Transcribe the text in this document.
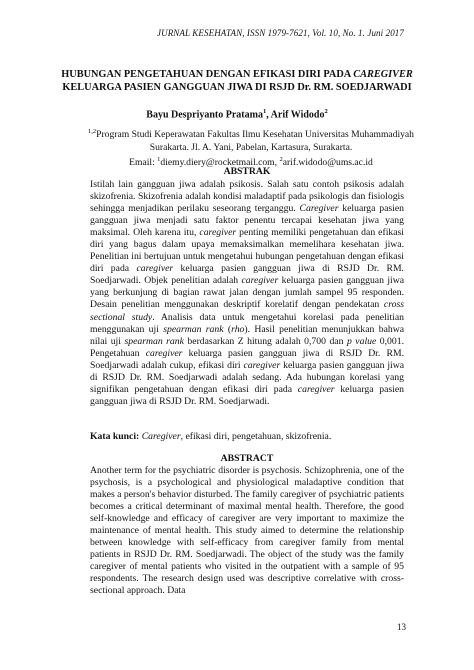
JURNAL KESEHATAN, ISSN 1979-7621, Vol. 10, No. 1. Juni 2017
HUBUNGAN PENGETAHUAN DENGAN EFIKASI DIRI PADA CAREGIVER
KELUARGA PASIEN GANGGUAN JIWA DI RSJD Dr. RM. SOEDJARWADI
Bayu Despriyanto Pratama$^1$, Arif Widodo$^2$
$^{1,2}$Program Studi Keperawatan Fakultas Ilmu Kesehatan Universitas Muhammadiyah
Surakarta. Jl. A. Yani, Pabelan, Kartasura, Surakarta.
Email: $^1$diemy.diery@rocketmail.com, $^2$arif.widodo@ums.ac.id
ABSTRAK
Istilah lain gangguan jiwa adalah psikosis. Salah satu contoh psikosis adalah skizofrenia. Skizofrenia adalah kondisi maladaptif pada psikologis dan fisiologis sehingga menjadikan perilaku seseorang terganggu. Caregiver keluarga pasien gangguan jiwa menjadi satu faktor penentu tercapai kesehatan jiwa yang maksimal. Oleh karena itu, caregiver penting memiliki pengetahuan dan efikasi diri yang bagus dalam upaya memaksimalkan memelihara kesehatan jiwa. Penelitian ini bertujuan untuk mengetahui hubungan pengetahuan dengan efikasi diri pada caregiver keluarga pasien gangguan jiwa di RSJD Dr. RM. Soedjarwadi. Objek penelitian adalah caregiver keluarga pasien gangguan jiwa yang berkunjung di bagian rawat jalan dengan jumlah sampel 95 responden. Desain penelitian menggunakan deskriptif korelatif dengan pendekatan cross sectional study. Analisis data untuk mengetahui korelasi pada penelitian menggunakan uji spearman rank (rho). Hasil penelitian menunjukkan bahwa nilai uji spearman rank berdasarkan Z hitung adalah 0,700 dan p value 0,001. Pengetahuan caregiver keluarga pasien gangguan jiwa di RSJD Dr. RM. Soedjarwadi adalah cukup, efikasi diri caregiver keluarga pasien gangguan jiwa di RSJD Dr. RM. Soedjarwadi adalah sedang. Ada hubungan korelasi yang signifikan pengetahuan dengan efikasi diri pada caregiver keluarga pasien gangguan jiwa di RSJD Dr. RM. Soedjarwadi.
Kata kunci: Caregiver, efikasi diri, pengetahuan, skizofrenia.
ABSTRACT
Another term for the psychiatric disorder is psychosis. Schizophrenia, one of the psychosis, is a psychological and physiological maladaptive condition that makes a person's behavior disturbed. The family caregiver of psychiatric patients becomes a critical determinant of maximal mental health. Therefore, the good self-knowledge and efficacy of caregiver are very important to maximize the maintenance of mental health. This study aimed to determine the relationship between knowledge with self-efficacy from caregiver family from mental patients in RSJD Dr. RM. Soedjarwadi. The object of the study was the family caregiver of mental patients who visited in the outpatient with a sample of 95 respondents. The research design used was descriptive correlative with cross-sectional approach. Data
13
